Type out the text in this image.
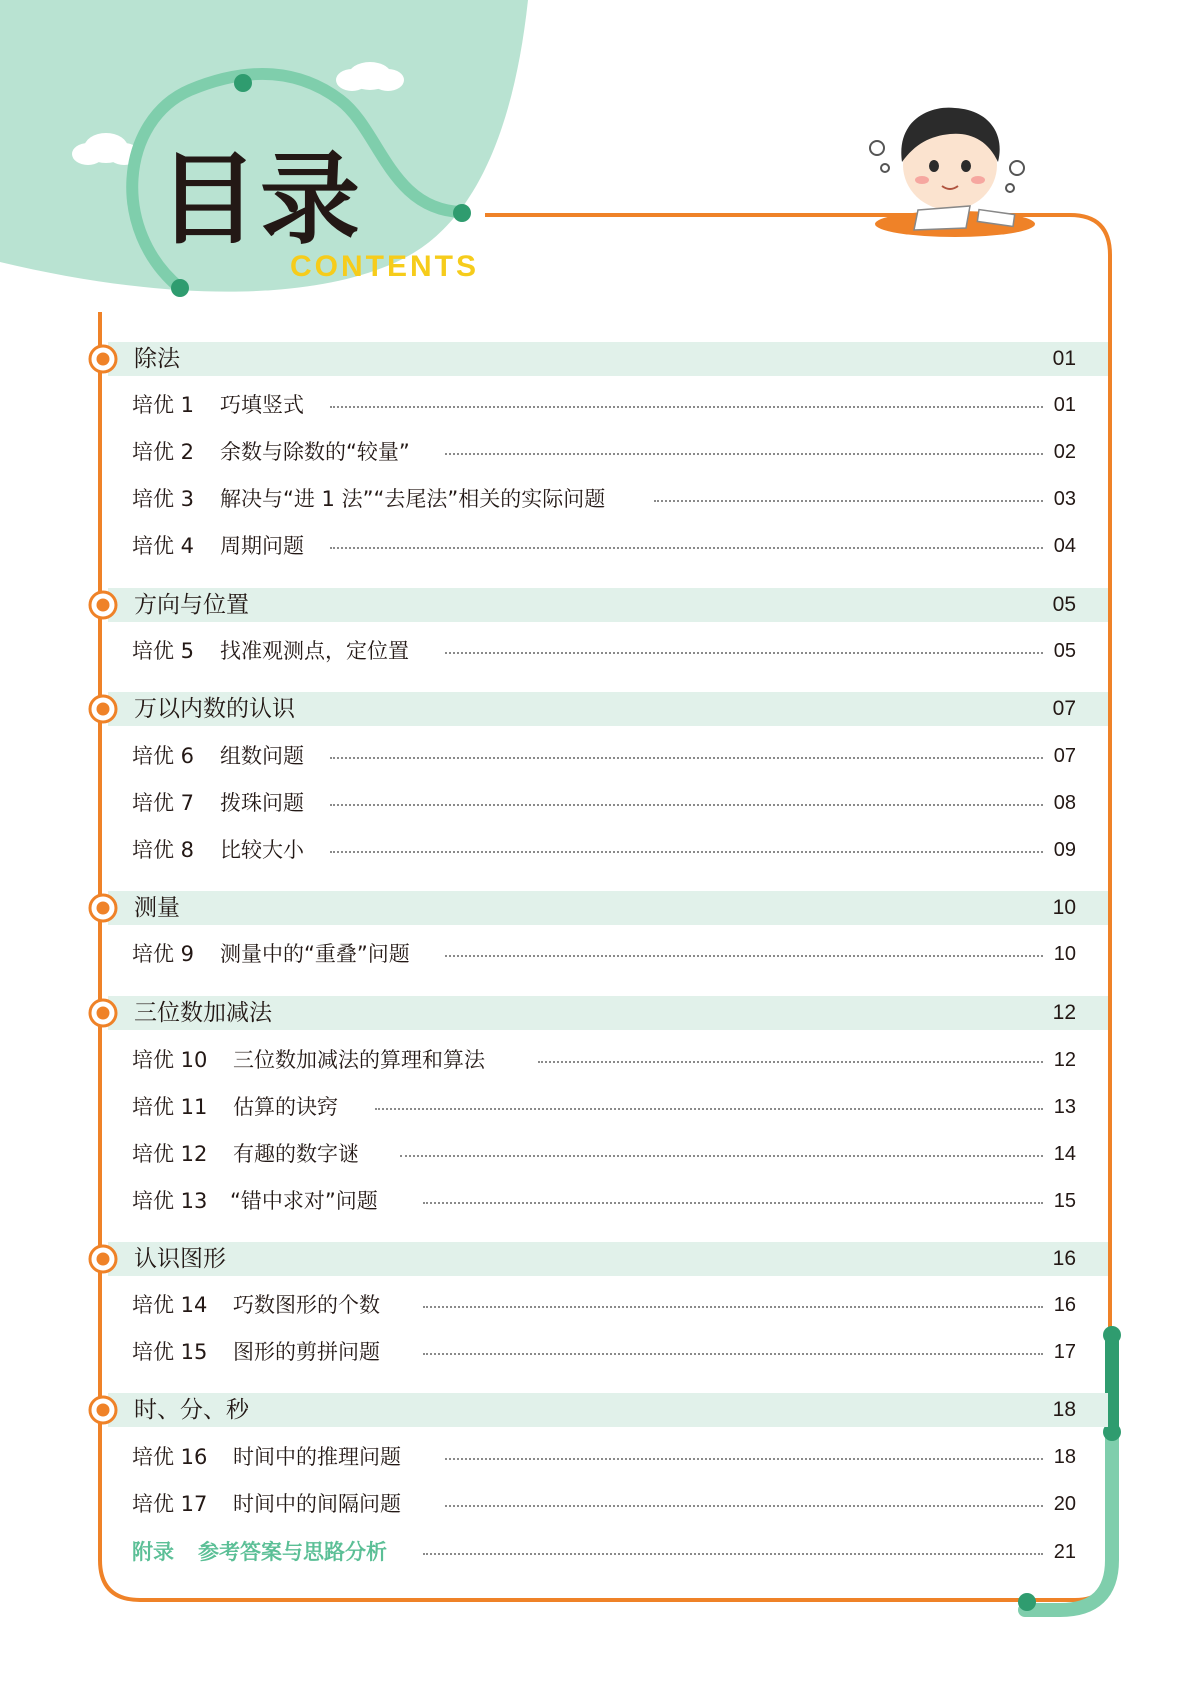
目录
CONTENTS
除法	01
培优 1 巧填竖式	01
培优 2 余数与除数的“较量”	02
培优 3 解决与“进 1 法”“去尾法”相关的实际问题	03
培优 4 周期问题	04
方向与位置	05
培优 5 找准观测点，定位置	05
万以内数的认识	07
培优 6 组数问题	07
培优 7 拨珠问题	08
培优 8 比较大小	09
测量	10
培优 9 测量中的“重叠”问题	10
三位数加减法	12
培优 10 三位数加减法的算理和算法	12
培优 11 估算的诀窍	13
培优 12 有趣的数字谜	14
培优 13 “错中求对”问题	15
认识图形	16
培优 14 巧数图形的个数	16
培优 15 图形的剪拼问题	17
时、分、秒	18
培优 16 时间中的推理问题	18
培优 17 时间中的间隔问题	20
附录 参考答案与思路分析	21
